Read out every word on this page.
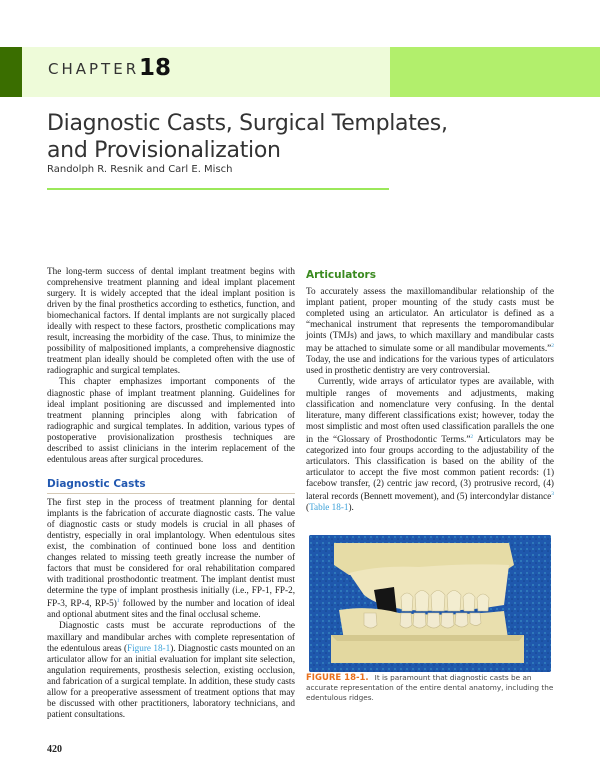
CHAPTER 18
Diagnostic Casts, Surgical Templates,
and Provisionalization
Randolph R. Resnik and Carl E. Misch

The long-term success of dental implant treatment begins with comprehensive treatment planning and ideal implant placement surgery. It is widely accepted that the ideal implant position is driven by the final prosthetics according to esthetics, function, and biomechanical factors. If dental implants are not surgically placed ideally with respect to these factors, prosthetic complications may result, increasing the morbidity of the case. Thus, to minimize the possibility of malpositioned implants, a comprehensive diagnostic treatment plan ideally should be completed often with the use of radiographic and surgical templates.

This chapter emphasizes important components of the diagnostic phase of implant treatment planning. Guidelines for ideal implant positioning are discussed and implemented into treatment planning principles along with fabrication of radiographic and surgical templates. In addition, various types of postoperative provisionalization prosthesis techniques are described to assist clinicians in the interim replacement of the edentulous areas after surgical procedures.

Diagnostic Casts

The first step in the process of treatment planning for dental implants is the fabrication of accurate diagnostic casts. The value of diagnostic casts or study models is crucial in all phases of dentistry, especially in oral implantology. When edentulous sites exist, the combination of continued bone loss and dentition changes related to missing teeth greatly increase the number of factors that must be considered for oral rehabilitation compared with traditional prosthodontic treatment. The implant dentist must determine the type of implant prosthesis initially (i.e., FP-1, FP-2, FP-3, RP-4, RP-5)$^1$ followed by the number and location of ideal and optional abutment sites and the final occlusal scheme.

Diagnostic casts must be accurate reproductions of the maxillary and mandibular arches with complete representation of the edentulous areas (Figure 18-1). Diagnostic casts mounted on an articulator allow for an initial evaluation for implant site selection, angulation requirements, prosthesis selection, existing occlusion, and fabrication of a surgical template. In addition, these study casts allow for a preoperative assessment of treatment options that may be discussed with other practitioners, laboratory technicians, and patient consultations.

Articulators

To accurately assess the maxillomandibular relationship of the implant patient, proper mounting of the study casts must be completed using an articulator. An articulator is defined as a “mechanical instrument that represents the temporomandibular joints (TMJs) and jaws, to which maxillary and mandibular casts may be attached to simulate some or all mandibular movements.”$^2$ Today, the use and indications for the various types of articulators used in prosthetic dentistry are very controversial.

Currently, wide arrays of articulator types are available, with multiple ranges of movements and adjustments, making classification and nomenclature very confusing. In the dental literature, many different classifications exist; however, today the most simplistic and most often used classification parallels the one in the “Glossary of Prosthodontic Terms.”$^2$ Articulators may be categorized into four groups according to the adjustability of the articulators. This classification is based on the ability of the articulator to accept the five most common patient records: (1) facebow transfer, (2) centric jaw record, (3) protrusive record, (4) lateral records (Bennett movement), and (5) intercondylar distance$^3$ (Table 18-1).

FIGURE 18-1. It is paramount that diagnostic casts be an accurate representation of the entire dental anatomy, including the edentulous ridges.
420
